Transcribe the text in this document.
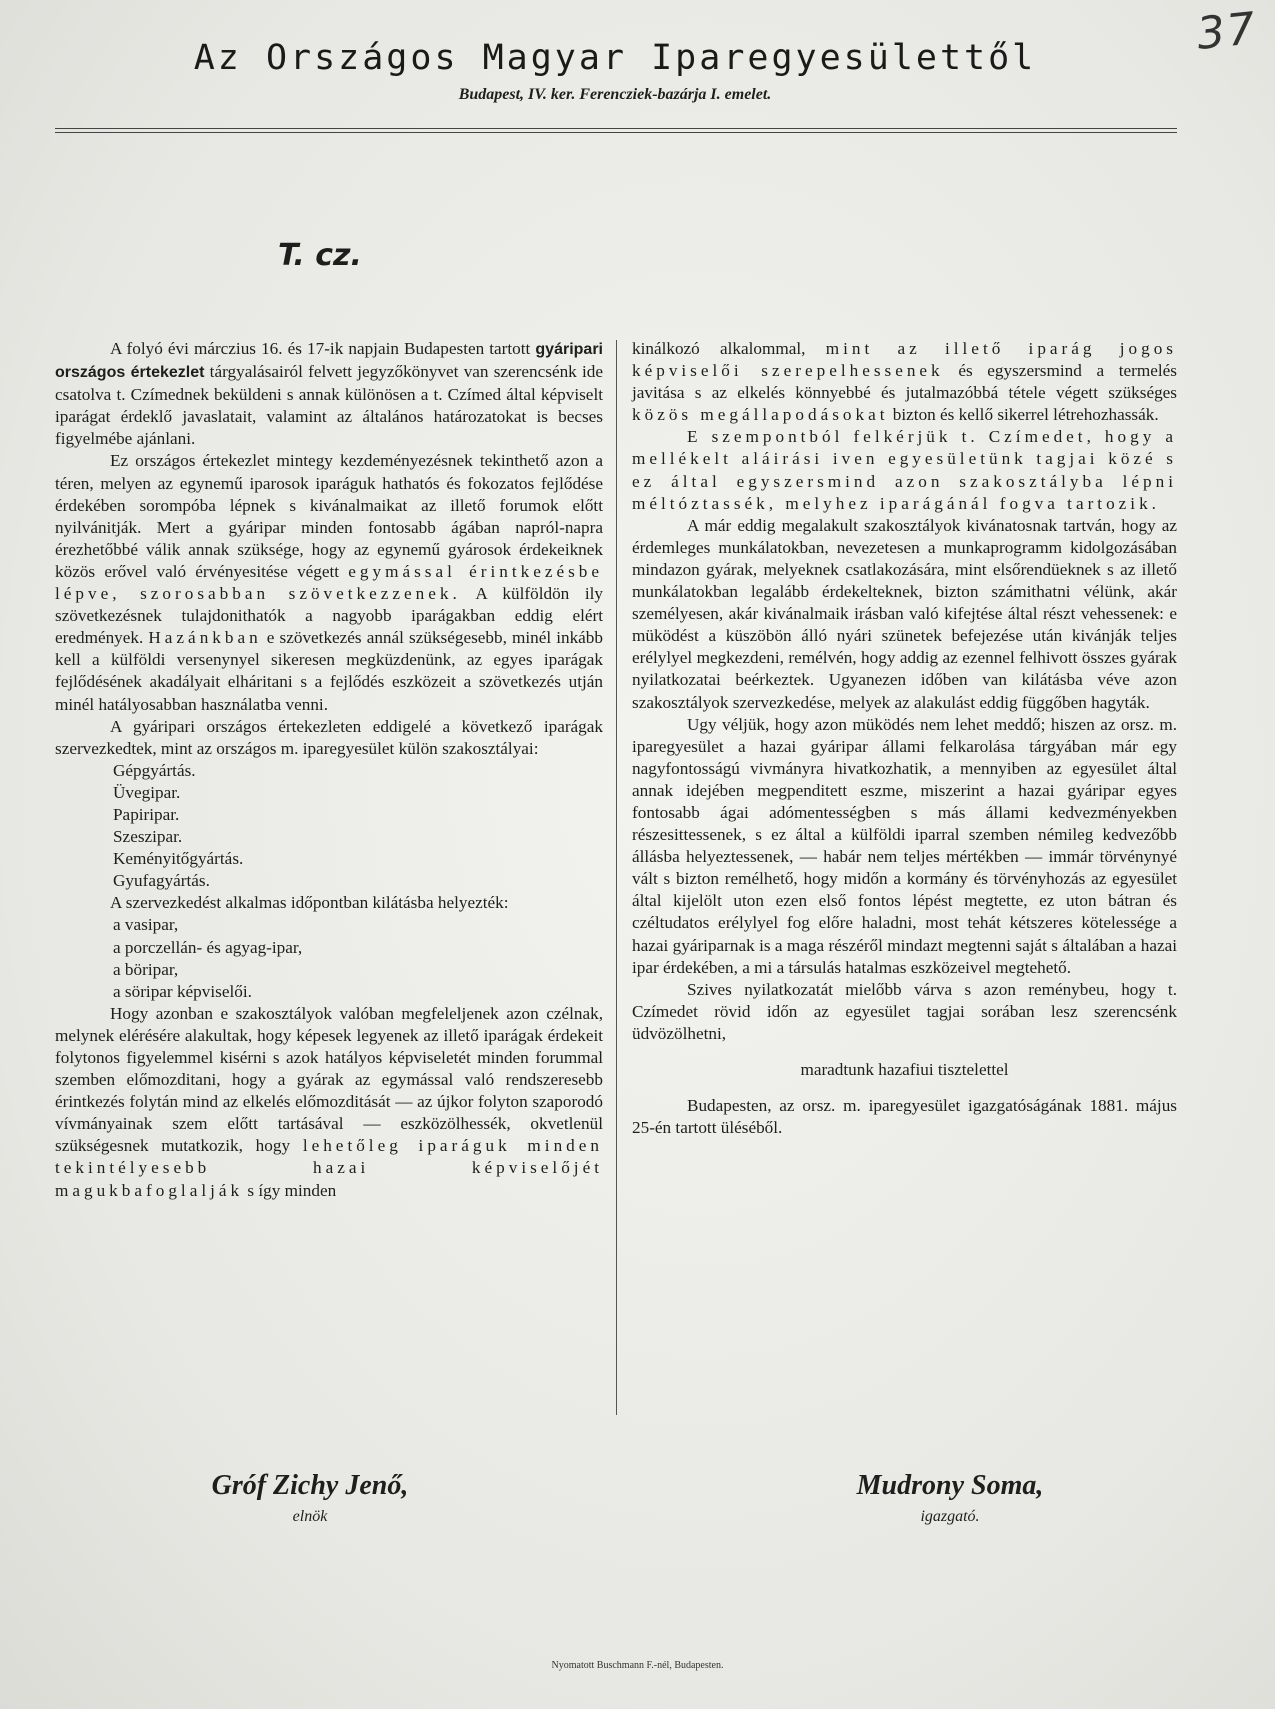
37
Az Országos Magyar Iparegyesülettől
Budapest, IV. ker. Ferencziek-bazárja I. emelet.
T. cz.

A folyó évi márczius 16. és 17-ik napjain Budapesten tartott gyáripari országos értekezlet tárgyalásairól felvett jegyzőkönyvet van szerencsénk ide csatolva t. Czímednek beküldeni s annak különösen a t. Czímed által képviselt iparágat érdeklő javaslatait, valamint az általános határozatokat is becses figyelmébe ajánlani.

Ez országos értekezlet mintegy kezdeményezésnek tekinthető azon a téren, melyen az egynemű iparosok iparáguk hathatós és fokozatos fejlődése érdekében sorompóba lépnek s kivánalmaikat az illető forumok előtt nyilvánitják. Mert a gyáripar minden fontosabb ágában napról-napra érezhetőbbé válik annak szüksége, hogy az egynemű gyárosok érdekeiknek közös erővel való érvényesitése végett egymással érintkezésbe lépve, szorosabban szövetkezzenek. A külföldön ily szövetkezésnek tulajdonithatók a nagyobb iparágakban eddig elért eredmények. Hazánkban e szövetkezés annál szükségesebb, minél inkább kell a külföldi versenynyel sikeresen megküzdenünk, az egyes iparágak fejlődésének akadályait elháritani s a fejlődés eszközeit a szövetkezés utján minél hatályosabban használatba venni.

A gyáripari országos értekezleten eddigelé a következő iparágak szervezkedtek, mint az országos m. iparegyesület külön szakosztályai:

Gépgyártás.
Üvegipar.
Papiripar.
Szeszipar.
Keményitőgyártás.
Gyufagyártás.

A szervezkedést alkalmas időpontban kilátásba helyezték:

a vasipar,
a porczellán- és agyag-ipar,
a böripar,
a söripar képviselői.

Hogy azonban e szakosztályok valóban megfeleljenek azon czélnak, melynek elérésére alakultak, hogy képesek legyenek az illető iparágak érdekeit folytonos figyelemmel kisérni s azok hatályos képviseletét minden forummal szemben előmozditani, hogy a gyárak az egymással való rendszeresebb érintkezés folytán mind az elkelés előmozditását — az újkor folyton szaporodó vívmányainak szem előtt tartásával — eszközölhessék, okvetlenül szükségesnek mutatkozik, hogy lehetőleg iparáguk minden tekintélyesebb hazai képviselőjét magukbafoglalják s így minden

kinálkozó alkalommal, mint az illető iparág jogos képviselői szerepelhessenek és egyszersmind a termelés javitása s az elkelés könnyebbé és jutalmazóbbá tétele végett szükséges közös megállapodásokat bizton és kellő sikerrel létrehozhassák.

E szempontból felkérjük t. Czímedet, hogy a mellékelt aláirási iven egyesületünk tagjai közé s ez által egyszersmind azon szakosztályba lépni méltóztassék, melyhez iparágánál fogva tartozik.

A már eddig megalakult szakosztályok kivánatosnak tartván, hogy az érdemleges munkálatokban, nevezetesen a munkaprogramm kidolgozásában mindazon gyárak, melyeknek csatlakozására, mint elsőrendüeknek s az illető munkálatokban legalább érdekelteknek, bizton számithatni vélünk, akár személyesen, akár kivánalmaik irásban való kifejtése által részt vehessenek: e müködést a küszöbön álló nyári szünetek befejezése után kivánják teljes erélylyel megkezdeni, remélvén, hogy addig az ezennel felhivott összes gyárak nyilatkozatai beérkeztek. Ugyanezen időben van kilátásba véve azon szakosztályok szervezkedése, melyek az alakulást eddig függőben hagyták.

Ugy véljük, hogy azon müködés nem lehet meddő; hiszen az orsz. m. iparegyesület a hazai gyáripar állami felkarolása tárgyában már egy nagyfontosságú vivmányra hivatkozhatik, a mennyiben az egyesület által annak idejében megpenditett eszme, miszerint a hazai gyáripar egyes fontosabb ágai adómentességben s más állami kedvezményekben részesittessenek, s ez által a külföldi iparral szemben némileg kedvezőbb állásba helyeztessenek, — habár nem teljes mértékben — immár törvénynyé vált s bizton remélhető, hogy midőn a kormány és törvényhozás az egyesület által kijelölt uton ezen első fontos lépést megtette, ez uton bátran és czéltudatos erélylyel fog előre haladni, most tehát kétszeres kötelessége a hazai gyáriparnak is a maga részéről mindazt megtenni saját s általában a hazai ipar érdekében, a mi a társulás hatalmas eszközeivel megtehető.

Szives nyilatkozatát mielőbb várva s azon reménybeu, hogy t. Czímedet rövid időn az egyesület tagjai sorában lesz szerencsénk üdvözölhetni,

maradtunk hazafiui tisztelettel

Budapesten, az orsz. m. iparegyesület igazgatóságának 1881. május 25-én tartott üléséből.

Gróf Zichy Jenő,
elnök
Mudrony Soma,
igazgató.
Nyomatott Buschmann F.-nél, Budapesten.
